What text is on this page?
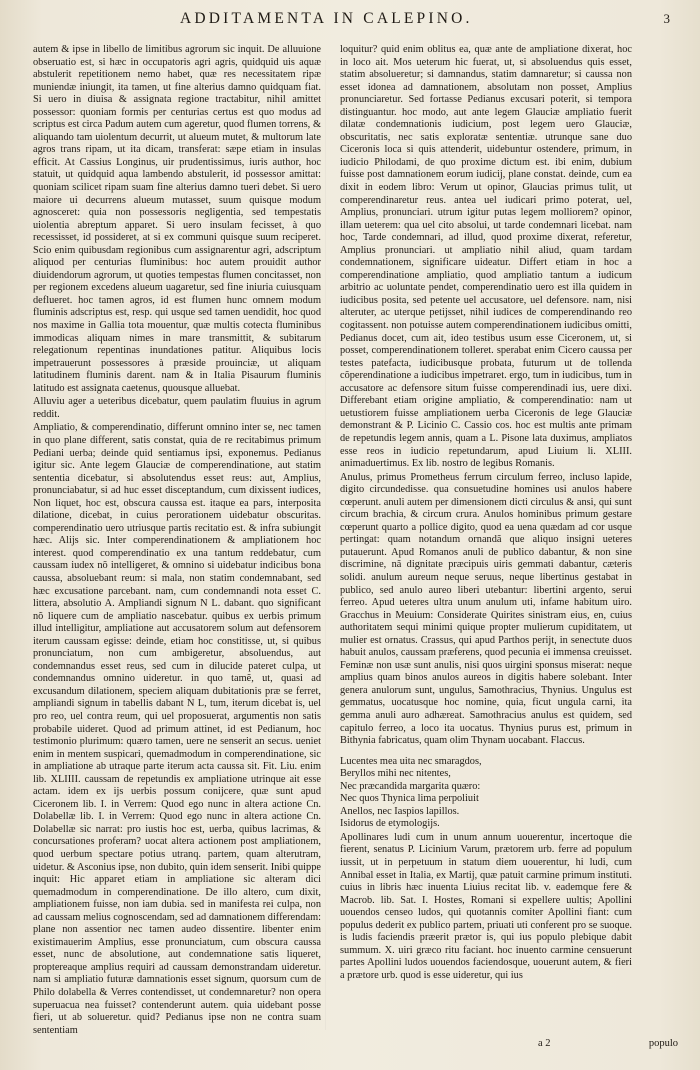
ADDITAMENTA IN CALEPINO.	3

autem & ipse in libello de limitibus agrorum sic inquit. De alluuione obseruatio est, si hæc in occupatoris agri agris, quidquid uis aquæ abstulerit repetitionem nemo habet, quæ res necessitatem ripæ muniendæ iniungit, ita tamen, ut fine alterius damno quidquam fiat. Si uero in diuisa & assignata regione tractabitur, nihil amittet possessor: quoniam formis per centurias certus est quo modus ad scriptus est circa Padum autem cum ageretur, quod flumen torrens, & aliquando tam uiolentum decurrit, ut alueum mutet, & multorum late agros trans ripam, ut ita dicam, transferat: sæpe etiam in insulas efficit. At Cassius Longinus, uir prudentissimus, iuris author, hoc statuit, ut quidquid aqua lambendo abstulerit, id possessor amittat: quoniam scilicet ripam suam fine alterius damno tueri debet. Si uero maiore ui decurrens alueum mutasset, suum quisque modum agnosceret: quia non possessoris negligentia, sed tempestatis uiolentia abreptum apparet. Si uero insulam fecisset, à quo recessisset, id possideret, at si ex communi quisque suum reciperet. Scio enim quibusdam regionibus cum assignarentur agri, adscriptum aliquod per centurias fluminibus: hoc autem prouidit author diuidendorum agrorum, ut quoties tempestas flumen concitasset, non per regionem excedens alueum uagaretur, sed fine iniuria cuiusquam deflueret. hoc tamen agros, id est flumen hunc omnem modum fluminis adscriptus est, resp. qui usque sed tamen uendidit, hoc quod nos maxime in Gallia tota mouentur, quæ multis cotecta fluminibus immodicas aliquam nimes in mare transmittit, & subitarum relegationum repentinas inundationes patitur. Aliquibus locis impetrauerunt possessores à præside prouinciæ, ut aliquam latitudinem fluminis darent. nam & in Italia Pisaurum fluminis latitudo est assignata caetenus, quousque alluebat.

Alluviu ager a ueteribus dicebatur, quem paulatim fluuius in agrum reddit.

Ampliatio, & comperendinatio, differunt omnino inter se, nec tamen in quo plane different, satis constat, quia de re recitabimus primum Pediani uerba; deinde quid sentiamus ipsi, exponemus. Pedianus igitur sic. Ante legem Glauciæ de comperendinatione, aut statim sententia dicebatur, si absolutendus esset reus: aut, Amplius, pronunciabatur, si ad huc esset disceptandum, cum dixissent iudices, Non liquet, hoc est, obscura caussa est. itaque ea pars, interposita dilatione, dicebat, in cuius perorationem uidebatur obscuritas. comperendinatio uero utriusque partis recitatio est. & infra subiungit hæc. Alijs sic. Inter comperendinationem & ampliationem hoc interest. quod comperendinatio ex una tantum reddebatur, cum caussam iudex nõ intelligeret, & omnino si uidebatur indicibus bona caussa, absoluebant reum: si mala, non statim condemnabant, sed hæc excusatione parcebant. nam, cum condemnandi nota esset C. littera, absolutio A. Ampliandi signum N L. dabant. quo significant nõ liquere cum de ampliatio nascebatur. quibus ex uerbis primum illud intelligitur, ampliatione aut accusatorem solum aut defensorem iterum caussam egisse: deinde, etiam hoc constitisse, ut, si quibus pronunciatum, non cum ambigeretur, absoluendus, aut condemnandus esset reus, sed cum in dilucide pateret culpa, ut condemnandus omnino uideretur. in quo tamẽ, ut, quasi ad excusandum dilationem, speciem aliquam dubitationis præ se ferret, ampliandi signum in tabellis dabant N L, tum, iterum dicebat is, uel pro reo, uel contra reum, qui uel proposuerat, argumentis non satis probabile uideret. Quod ad primum attinet, id est Pedianum, hoc testimonio plurimum: quæro tamen, uere ne senserit an secus. ueniet enim in mentem suspicari, quemadmodum in comperendinatione, sic in ampliatione ab utraque parte iterum acta caussa sit. Fit. Liu. enim lib. XLIIII. caussam de repetundis ex ampliatione utrinque ait esse actam. idem ex ijs uerbis possum conijcere, quæ sunt apud Ciceronem lib. I. in Verrem: Quod ego nunc in altera actione Cn. Dolabellæ lib. I. in Verrem: Quod ego nunc in altera actione Cn. Dolabellæ sic narrat: pro iustis hoc est, uerba, quibus lacrimas, & concursationes proferam? uocat altera actionem post ampliationem, quod uerbum spectare potius utranq. partem, quam alterutram, uidetur. & Asconius ipse, non dubito, quin idem senserit. Inibi quippe inquit: Hic apparet etiam in ampliatione sic alteram dici quemadmodum in comperendinatione. De illo altero, cum dixit, ampliationem fuisse, non iam dubia. sed in manifesta rei culpa, non ad caussam melius cognoscendam, sed ad damnationem differendam: plane non assentior nec tamen audeo dissentire. libenter enim existimauerim Amplius, esse pronunciatum, cum obscura caussa esset, nunc de absolutione, aut condemnatione satis liqueret, proptereaque amplius requiri ad caussam demonstrandam uideretur. nam si ampliatio futuræ damnationis esset signum, quorsum cum de Philo dolabella & Verres contendisset, ut condemnaretur? non opera superuacua nea fuisset? contenderunt autem. quia uidebant posse fieri, ut ab solueretur. quid? Pedianus ipse non ne contra suam sententiam

loquitur? quid enim oblitus ea, quæ ante de ampliatione dixerat, hoc in loco ait. Mos ueterum hic fuerat, ut, si absoluendus quis esset, statim absolueretur; si damnandus, statim damnaretur; si caussa non esset idonea ad damnationem, absolutam non posset, Amplius pronunciaretur. Sed fortasse Pedianus excusari poterit, si tempora distinguantur. hoc modo, aut ante legem Glauciæ ampliatio fuerit dilatæ condemnationis iudicium, post legem uero Glauciæ, obscuritatis, nec satis exploratæ sententiæ. utrunque sane duo Ciceronis loca si quis attenderit, uidebuntur ostendere, primum, in iudicio Philodami, de quo proxime dictum est. ibi enim, dubium fuisse post damnationem eorum iudicij, plane constat. deinde, cum ea dixit in eodem libro: Verum ut opinor, Glaucias primus tulit, ut comperendinaretur reus. antea uel iudicari primo poterat, uel, Amplius, pronunciari. utrum igitur putas legem molliorem? opinor, illam ueterem: qua uel cito absolui, ut tarde condemnari licebat. nam hoc, Tarde condemnari, ad illud, quod proxime dixerat, referetur, Amplius pronunciari. ut ampliatio nihil aliud, quam tardam condemnationem, significare uideatur. Differt etiam in hoc a comperendinatione ampliatio, quod ampliatio tantum a iudicum arbitrio ac uoluntate pendet, comperendinatio uero est illa quidem in iudicibus posita, sed petente uel accusatore, uel defensore. nam, nisi alteruter, ac uterque petijsset, nihil iudices de comperendinando reo cogitassent. non potuisse autem comperendinationem iudicibus omitti, Pedianus docet, cum ait, ideo testibus usum esse Ciceronem, ut, si posset, comperendinationem tolleret. sperabat enim Cicero caussa per testes patefacta, iudicibusque probata, futurum ut de tollenda cõperendinatione a iudicibus impetraret. ergo, tum in iudicibus, tum in accusatore ac defensore situm fuisse comperendinadi ius, uere dixi. Differebant etiam origine ampliatio, & comperendinatio: nam ut uetustiorem fuisse ampliationem uerba Ciceronis de lege Glauciæ demonstrant & P. Licinio C. Cassio cos. hoc est multis ante primam de repetundis legem annis, quam a L. Pisone lata duximus, ampliatos esse reos in iudicio repetundarum, apud Liuium li. XLIII. animaduertimus. Ex lib. nostro de legibus Romanis.

Anulus, primus Prometheus ferrum circulum ferreo, incluso lapide, digito circundedisse. qua consuetudine homines usi anulos habere cœperunt. anuli autem per dimensionem dicti circulus & ansi, qui sunt circum brachia, & circum crura. Anulos hominibus primum gestare cœperunt quarto a pollice digito, quod ea uena quædam ad cor usque pertingat: quam notandum ornandã que aliquo insigni ueteres putauerunt. Apud Romanos anuli de publico dabantur, & non sine discrimine, nã dignitate præcipuis uiris gemmati dabantur, cæteris solidi. anulum aureum neque seruus, neque libertinus gestabat in publico, sed anulo aureo liberi utebantur: libertini argento, serui ferreo. Apud ueteres ultra unum anulum uti, infame habitum uiro. Gracchus in Meuium: Considerate Quirites sinistram eius, en, cuius authoritatem sequi minimi quique propter mulierum cupiditatem, ut mulier est ornatus. Crassus, qui apud Parthos perijt, in senectute duos habuit anulos, caussam præferens, quod pecunia ei immensa creuisset. Feminæ non usæ sunt anulis, nisi quos uirgini sponsus miserat: neque amplius quam binos anulos aureos in digitis habere solebant. Inter genera anulorum sunt, ungulus, Samothracius, Thynius. Ungulus est gemmatus, uocatusque hoc nomine, quia, ficut ungula carni, ita gemma anuli auro adhæreat. Samothracius anulus est quidem, sed capitulo ferreo, a loco ita uocatus. Thynius purus est, primum in Bithynia fabricatus, quam olim Thynam uocabant. Flaccus.

Lucentes mea uita nec smaragdos,
Beryllos mihi nec nitentes,
Nec præcandida margarita quæro:
Nec quos Thynica lima perpoliuit
Anellos, nec Iaspios lapillos.
Isidorus de etymologijs.

Apollinares ludi cum in unum annum uouerentur, incertoque die fierent, senatus P. Licinium Varum, prætorem urb. ferre ad populum iussit, ut in perpetuum in statum diem uouerentur, hi ludi, cum Annibal esset in Italia, ex Martij, quæ patuit carmine primum instituti. cuius in libris hæc inuenta Liuius recitat lib. v. eademque fere & Macrob. lib. Sat. I. Hostes, Romani si expellere uultis; Apollini uouendos censeo ludos, qui quotannis comiter Apollini fiant: cum populus dederit ex publico partem, priuati uti conferent pro se suoque. is ludis faciendis præerit prætor is, qui ius populo plebique dabit summum. X. uiri græco ritu faciant. hoc inuento carmine censuerunt partes Apollini ludos uouendos faciendosque, uouerunt autem, & fieri a prætore urb. quod is esse uideretur, qui ius

a 2	populo
